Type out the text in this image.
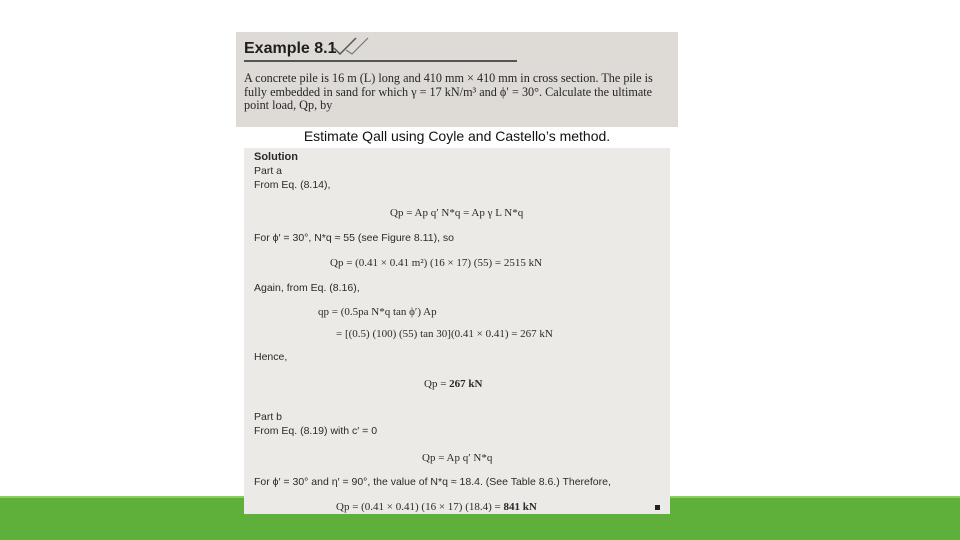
Example 8.1
A concrete pile is 16 m (L) long and 410 mm × 410 mm in cross section. The pile is fully embedded in sand for which γ = 17 kN/m³ and ϕ′ = 30°. Calculate the ultimate point load, Qp, by
Estimate Qall using Coyle and Castello’s method.
Solution
Part a
From Eq. (8.14),
Qp = Ap q′ N*q = Ap γ L N*q
For ϕ′ = 30°, N*q ≈ 55 (see Figure 8.11), so
Qp = (0.41 × 0.41 m²) (16 × 17) (55) = 2515 kN
Again, from Eq. (8.16),
qp = (0.5pa N*q tan ϕ′) Ap
= [(0.5) (100) (55) tan 30](0.41 × 0.41) = 267 kN
Hence,
Qp = 267 kN
Part b
From Eq. (8.19) with c′ = 0
Qp = Ap q′ N*q
For ϕ′ = 30° and η′ = 90°, the value of N*q ≈ 18.4. (See Table 8.6.) Therefore,
Qp = (0.41 × 0.41) (16 × 17) (18.4) = 841 kN
